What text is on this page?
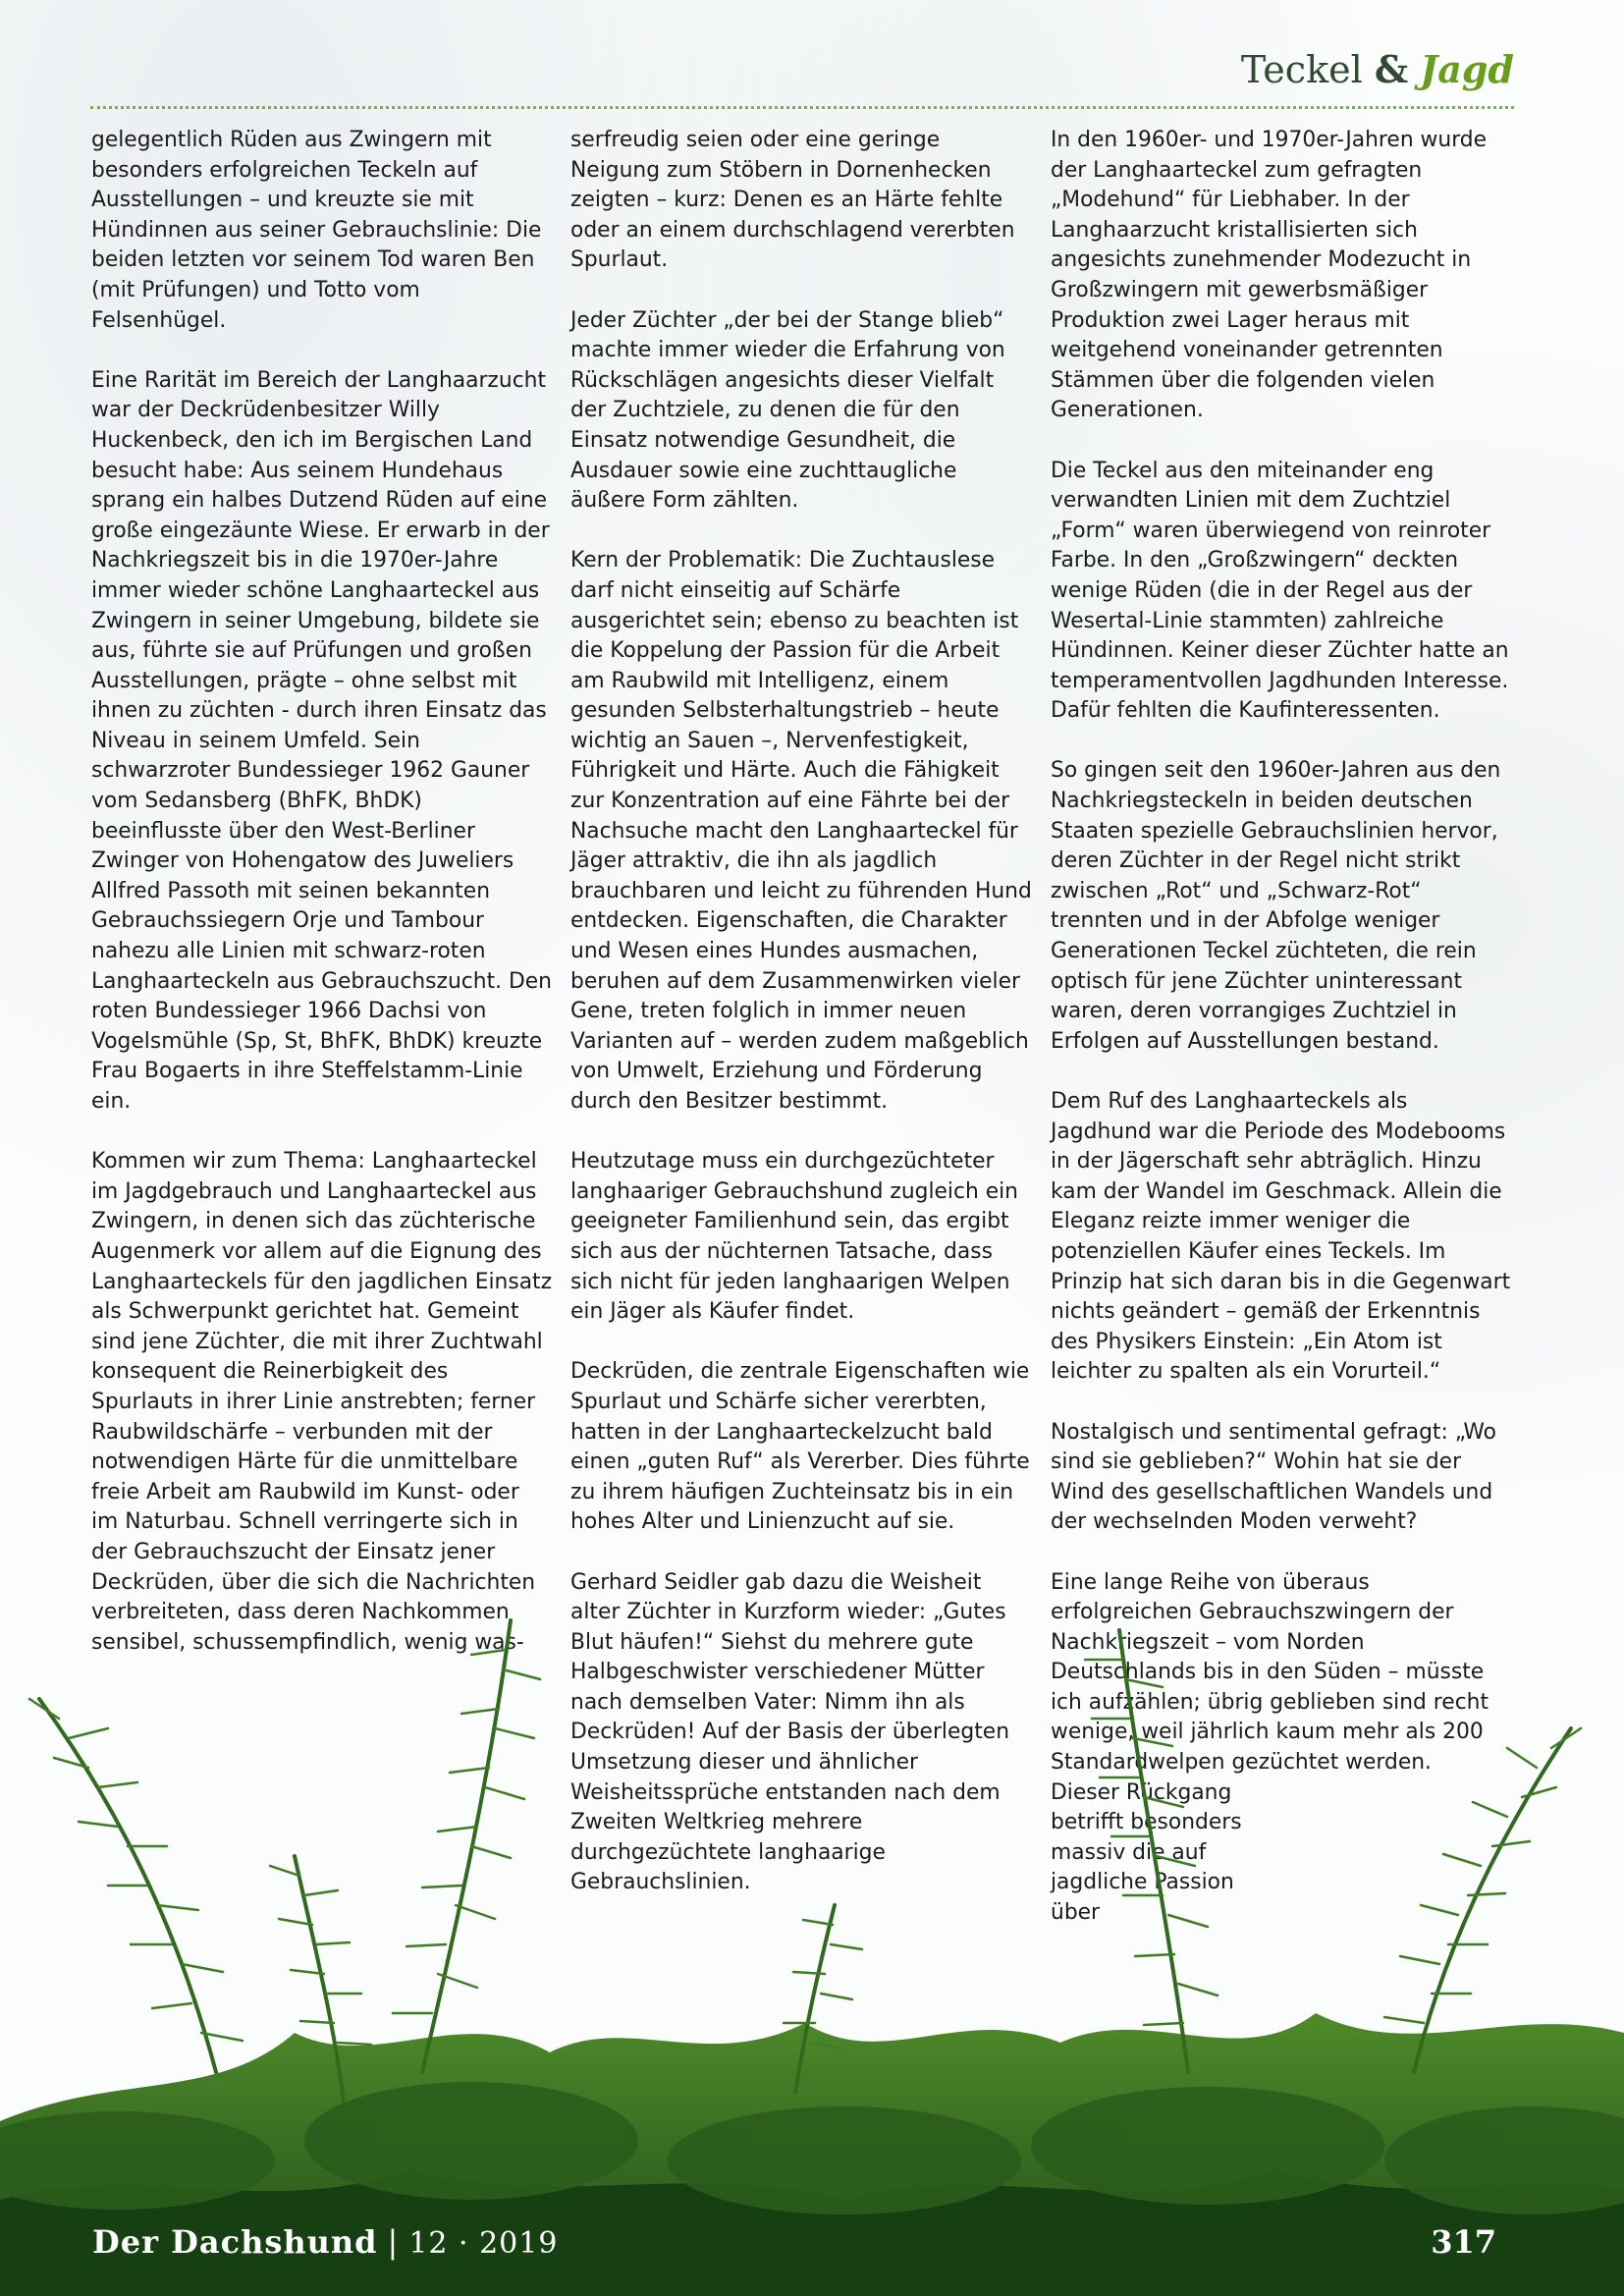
Teckel & Jagd

gelegentlich Rüden aus Zwingern mit besonders erfolgreichen Teckeln auf Ausstellungen – und kreuzte sie mit Hündinnen aus seiner Gebrauchslinie: Die beiden letzten vor seinem Tod waren Ben (mit Prüfungen) und Totto vom Felsenhügel.

Eine Rarität im Bereich der Langhaarzucht war der Deckrüdenbesitzer Willy Huckenbeck, den ich im Bergischen Land besucht habe: Aus seinem Hundehaus sprang ein halbes Dutzend Rüden auf eine große eingezäunte Wiese. Er erwarb in der Nachkriegszeit bis in die 1970er-Jahre immer wieder schöne Langhaarteckel aus Zwingern in seiner Umgebung, bildete sie aus, führte sie auf Prüfungen und großen Ausstellungen, prägte – ohne selbst mit ihnen zu züchten - durch ihren Einsatz das Niveau in seinem Umfeld. Sein schwarzroter Bundessieger 1962 Gauner vom Sedansberg (BhFK, BhDK) beeinflusste über den West-Berliner Zwinger von Hohengatow des Juweliers Allfred Passoth mit seinen bekannten Gebrauchssiegern Orje und Tambour nahezu alle Linien mit schwarz-roten Langhaarteckeln aus Gebrauchszucht. Den roten Bundessieger 1966 Dachsi von Vogelsmühle (Sp, St, BhFK, BhDK) kreuzte Frau Bogaerts in ihre Steffelstamm-Linie ein.

Kommen wir zum Thema: Langhaarteckel im Jagdgebrauch und Langhaarteckel aus Zwingern, in denen sich das züchterische Augenmerk vor allem auf die Eignung des Langhaarteckels für den jagdlichen Einsatz als Schwerpunkt gerichtet hat. Gemeint sind jene Züchter, die mit ihrer Zuchtwahl konsequent die Reinerbigkeit des Spurlauts in ihrer Linie anstrebten; ferner Raubwildschärfe – verbunden mit der notwendigen Härte für die unmittelbare freie Arbeit am Raubwild im Kunst- oder im Naturbau. Schnell verringerte sich in der Gebrauchszucht der Einsatz jener Deckrüden, über die sich die Nachrichten verbreiteten, dass deren Nachkommen sensibel, schussempfindlich, wenig was-

serfreudig seien oder eine geringe Neigung zum Stöbern in Dornenhecken zeigten – kurz: Denen es an Härte fehlte oder an einem durchschlagend vererbten Spurlaut.

Jeder Züchter „der bei der Stange blieb“ machte immer wieder die Erfahrung von Rückschlägen angesichts dieser Vielfalt der Zuchtziele, zu denen die für den Einsatz notwendige Gesundheit, die Ausdauer sowie eine zuchttaugliche äußere Form zählten.

Kern der Problematik: Die Zuchtauslese darf nicht einseitig auf Schärfe ausgerichtet sein; ebenso zu beachten ist die Koppelung der Passion für die Arbeit am Raubwild mit Intelligenz, einem gesunden Selbsterhaltungstrieb – heute wichtig an Sauen –, Nervenfestigkeit, Führigkeit und Härte. Auch die Fähigkeit zur Konzentration auf eine Fährte bei der Nachsuche macht den Langhaarteckel für Jäger attraktiv, die ihn als jagdlich brauchbaren und leicht zu führenden Hund entdecken. Eigenschaften, die Charakter und Wesen eines Hundes ausmachen, beruhen auf dem Zusammenwirken vieler Gene, treten folglich in immer neuen Varianten auf – werden zudem maßgeblich von Umwelt, Erziehung und Förderung durch den Besitzer bestimmt.

Heutzutage muss ein durchgezüchteter langhaariger Gebrauchshund zugleich ein geeigneter Familienhund sein, das ergibt sich aus der nüchternen Tatsache, dass sich nicht für jeden langhaarigen Welpen ein Jäger als Käufer findet.

Deckrüden, die zentrale Eigenschaften wie Spurlaut und Schärfe sicher vererbten, hatten in der Langhaarteckelzucht bald einen „guten Ruf“ als Vererber. Dies führte zu ihrem häufigen Zuchteinsatz bis in ein hohes Alter und Linienzucht auf sie.

Gerhard Seidler gab dazu die Weisheit alter Züchter in Kurzform wieder: „Gutes Blut häufen!“ Siehst du mehrere gute Halbgeschwister verschiedener Mütter nach demselben Vater: Nimm ihn als Deckrüden! Auf der Basis der überlegten Umsetzung dieser und ähnlicher Weisheitssprüche entstanden nach dem Zweiten Weltkrieg mehrere durchgezüchtete langhaarige Gebrauchslinien.

In den 1960er- und 1970er-Jahren wurde der Langhaarteckel zum gefragten „Modehund“ für Liebhaber. In der Langhaarzucht kristallisierten sich angesichts zunehmender Modezucht in Großzwingern mit gewerbsmäßiger Produktion zwei Lager heraus mit weitgehend voneinander getrennten Stämmen über die folgenden vielen Generationen.

Die Teckel aus den miteinander eng verwandten Linien mit dem Zuchtziel „Form“ waren überwiegend von reinroter Farbe. In den „Großzwingern“ deckten wenige Rüden (die in der Regel aus der Wesertal-Linie stammten) zahlreiche Hündinnen. Keiner dieser Züchter hatte an temperamentvollen Jagdhunden Interesse. Dafür fehlten die Kaufinteressenten.

So gingen seit den 1960er-Jahren aus den Nachkriegsteckeln in beiden deutschen Staaten spezielle Gebrauchslinien hervor, deren Züchter in der Regel nicht strikt zwischen „Rot“ und „Schwarz-Rot“ trennten und in der Abfolge weniger Generationen Teckel züchteten, die rein optisch für jene Züchter uninteressant waren, deren vorrangiges Zuchtziel in Erfolgen auf Ausstellungen bestand.

Dem Ruf des Langhaarteckels als Jagdhund war die Periode des Modebooms in der Jägerschaft sehr abträglich. Hinzu kam der Wandel im Geschmack. Allein die Eleganz reizte immer weniger die potenziellen Käufer eines Teckels. Im Prinzip hat sich daran bis in die Gegenwart nichts geändert – gemäß der Erkenntnis des Physikers Einstein: „Ein Atom ist leichter zu spalten als ein Vorurteil.“

Nostalgisch und sentimental gefragt: „Wo sind sie geblieben?“ Wohin hat sie der Wind des gesellschaftlichen Wandels und der wechselnden Moden verweht?

Eine lange Reihe von überaus erfolgreichen Gebrauchszwingern der Nachkriegszeit – vom Norden Deutschlands bis in den Süden – müsste ich aufzählen; übrig geblieben sind recht wenige, weil jährlich kaum mehr als 200 Standardwelpen gezüchtet werden.

Dieser Rückgang betrifft besonders massiv die auf jagdliche Passion über

Der Dachshund | 12 · 2019	317
